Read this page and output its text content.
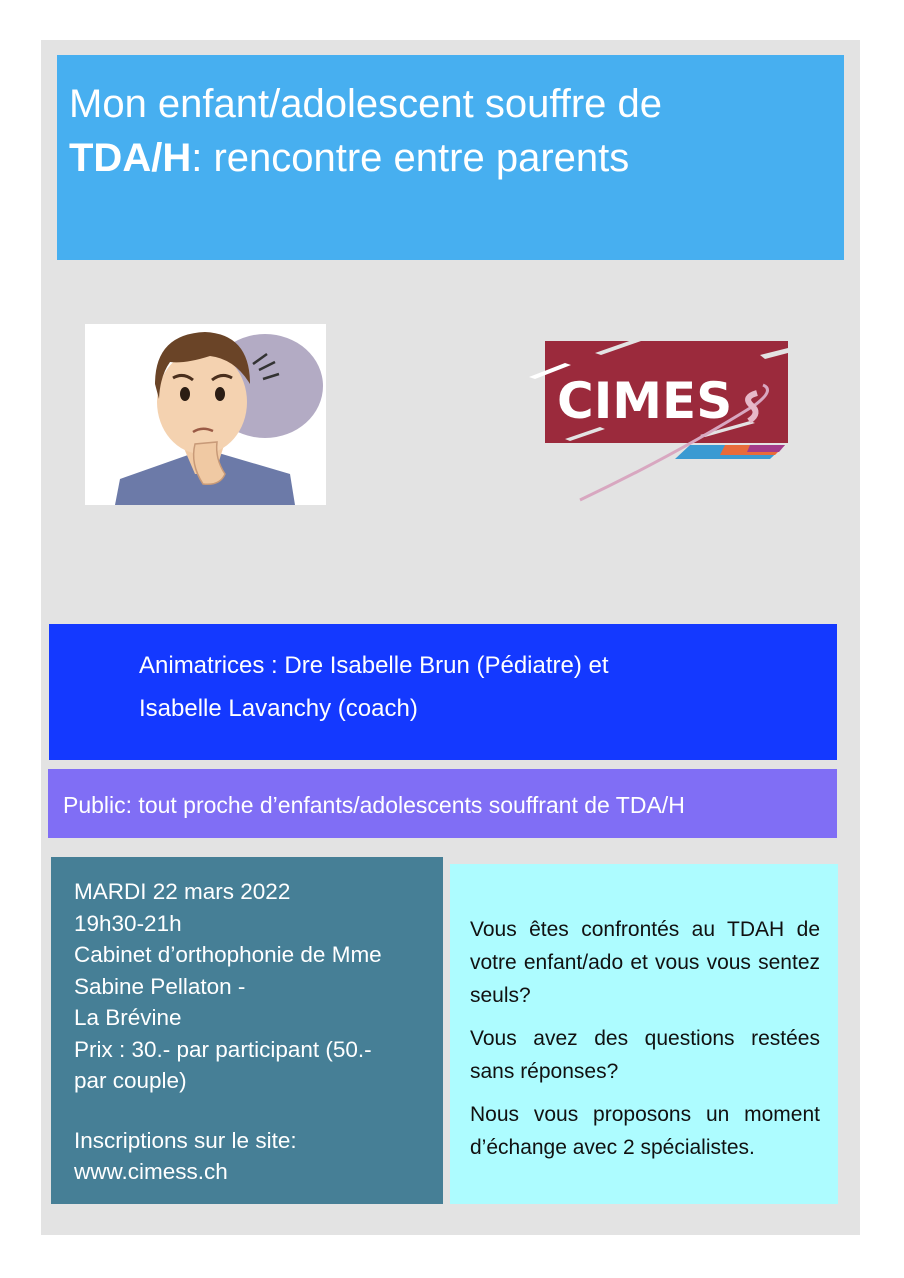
Mon enfant/adolescent souffre de
TDA/H: rencontre entre parents
CIMES
Animatrices : Dre Isabelle Brun (Pédiatre) et
Isabelle Lavanchy (coach)
Public: tout proche d’enfants/adolescents souffrant de TDA/H
MARDI 22 mars 2022
19h30-21h
Cabinet d’orthophonie de Mme
Sabine Pellaton -
La Brévine
Prix : 30.- par participant (50.-
par couple)
Inscriptions sur le site:
www.cimess.ch

Vous êtes confrontés au TDAH de votre enfant/ado et vous vous sentez seuls?

Vous avez des questions restées sans réponses?

Nous vous proposons un moment d’échange avec 2 spécialistes.
